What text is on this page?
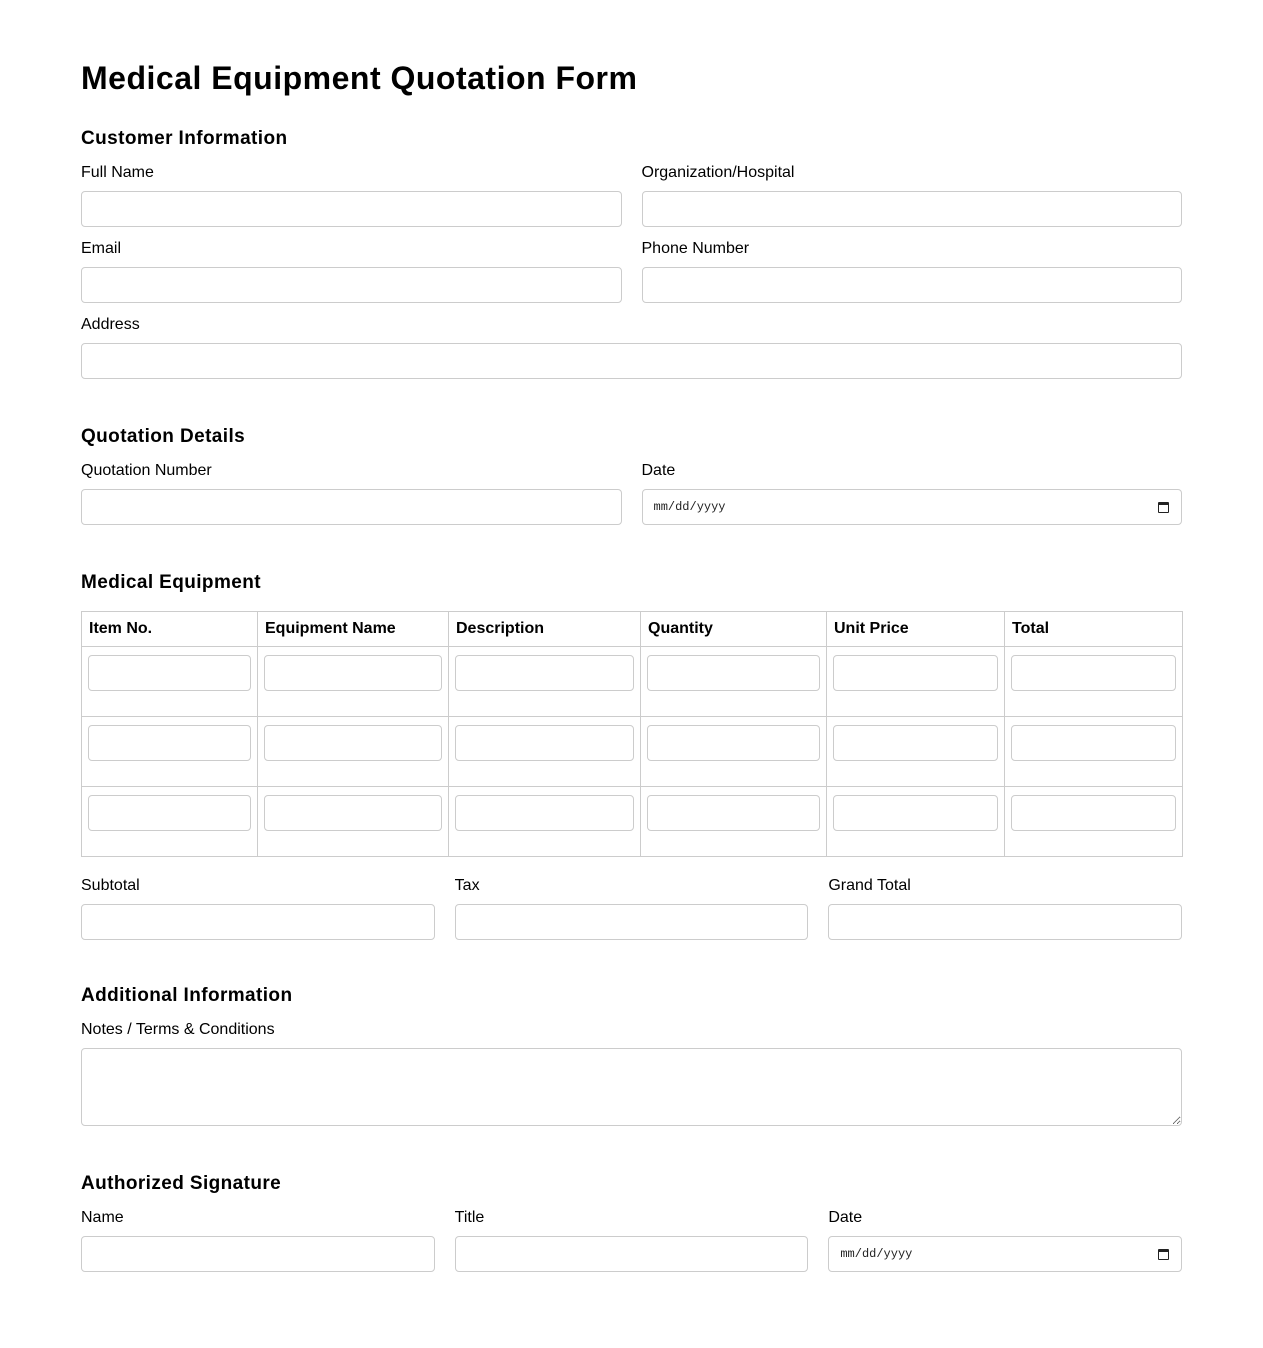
Medical Equipment Quotation Form
Customer Information
Full Name	Organization/Hospital
Email	Phone Number
Address
Quotation Details
Quotation Number	Date
mm/dd/yyyy
Medical Equipment
Item No.	Equipment Name	Description	Quantity	Unit Price	Total

Subtotal	Tax	Grand Total
Additional Information
Notes / Terms & Conditions
Authorized Signature
Name	Title	Date
mm/dd/yyyy
